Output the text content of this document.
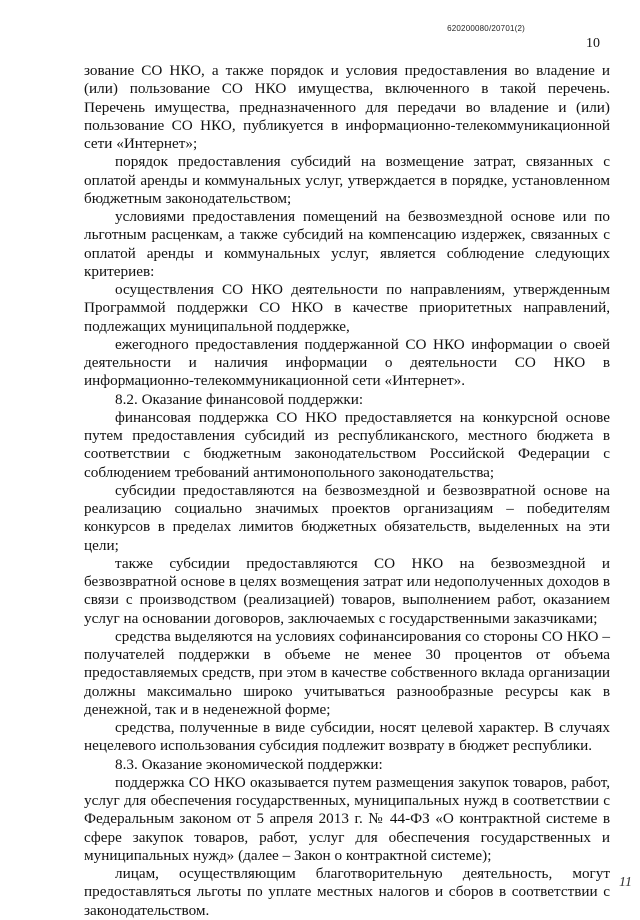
620200080/20701(2)
10

зование СО НКО, а также порядок и условия предоставления во владение и (или) пользование СО НКО имущества, включенного в такой перечень. Перечень имущества, предназначенного для передачи во владение и (или) пользование СО НКО, публикуется в информационно-телекоммуникационной сети «Интернет»;

порядок предоставления субсидий на возмещение затрат, связанных с оплатой аренды и коммунальных услуг, утверждается в порядке, установленном бюджетным законодательством;

условиями предоставления помещений на безвозмездной основе или по льготным расценкам, а также субсидий на компенсацию издержек, связанных с оплатой аренды и коммунальных услуг, является соблюдение следующих критериев:

осуществления СО НКО деятельности по направлениям, утвержденным Программой поддержки СО НКО в качестве приоритетных направлений, подлежащих муниципальной поддержке,

ежегодного предоставления поддержанной СО НКО информации о своей деятельности и наличия информации о деятельности СО НКО в информационно-телекоммуникационной сети «Интернет».

8.2. Оказание финансовой поддержки:

финансовая поддержка СО НКО предоставляется на конкурсной основе путем предоставления субсидий из республиканского, местного бюджета в соответствии с бюджетным законодательством Российской Федерации с соблюдением требований антимонопольного законодательства;

субсидии предоставляются на безвозмездной и безвозвратной основе на реализацию социально значимых проектов организациям – победителям конкурсов в пределах лимитов бюджетных обязательств, выделенных на эти цели;

также субсидии предоставляются СО НКО на безвозмездной и безвозвратной основе в целях возмещения затрат или недополученных доходов в связи с производством (реализацией) товаров, выполнением работ, оказанием услуг на основании договоров, заключаемых с государственными заказчиками;

средства выделяются на условиях софинансирования со стороны СО НКО – получателей поддержки в объеме не менее 30 процентов от объема предоставляемых средств, при этом в качестве собственного вклада организации должны максимально широко учитываться разнообразные ресурсы как в денежной, так и в неденежной форме;

средства, полученные в виде субсидии, носят целевой характер. В случаях нецелевого использования субсидия подлежит возврату в бюджет республики.

8.3. Оказание экономической поддержки:

поддержка СО НКО оказывается путем размещения закупок товаров, работ, услуг для обеспечения государственных, муниципальных нужд в соответствии с Федеральным законом от 5 апреля 2013 г. № 44-ФЗ «О контрактной системе в сфере закупок товаров, работ, услуг для обеспечения государственных и муниципальных нужд» (далее – Закон о контрактной системе);

лицам, осуществляющим благотворительную деятельность, могут предоставляться льготы по уплате местных налогов и сборов в соответствии с законодательством.

11
